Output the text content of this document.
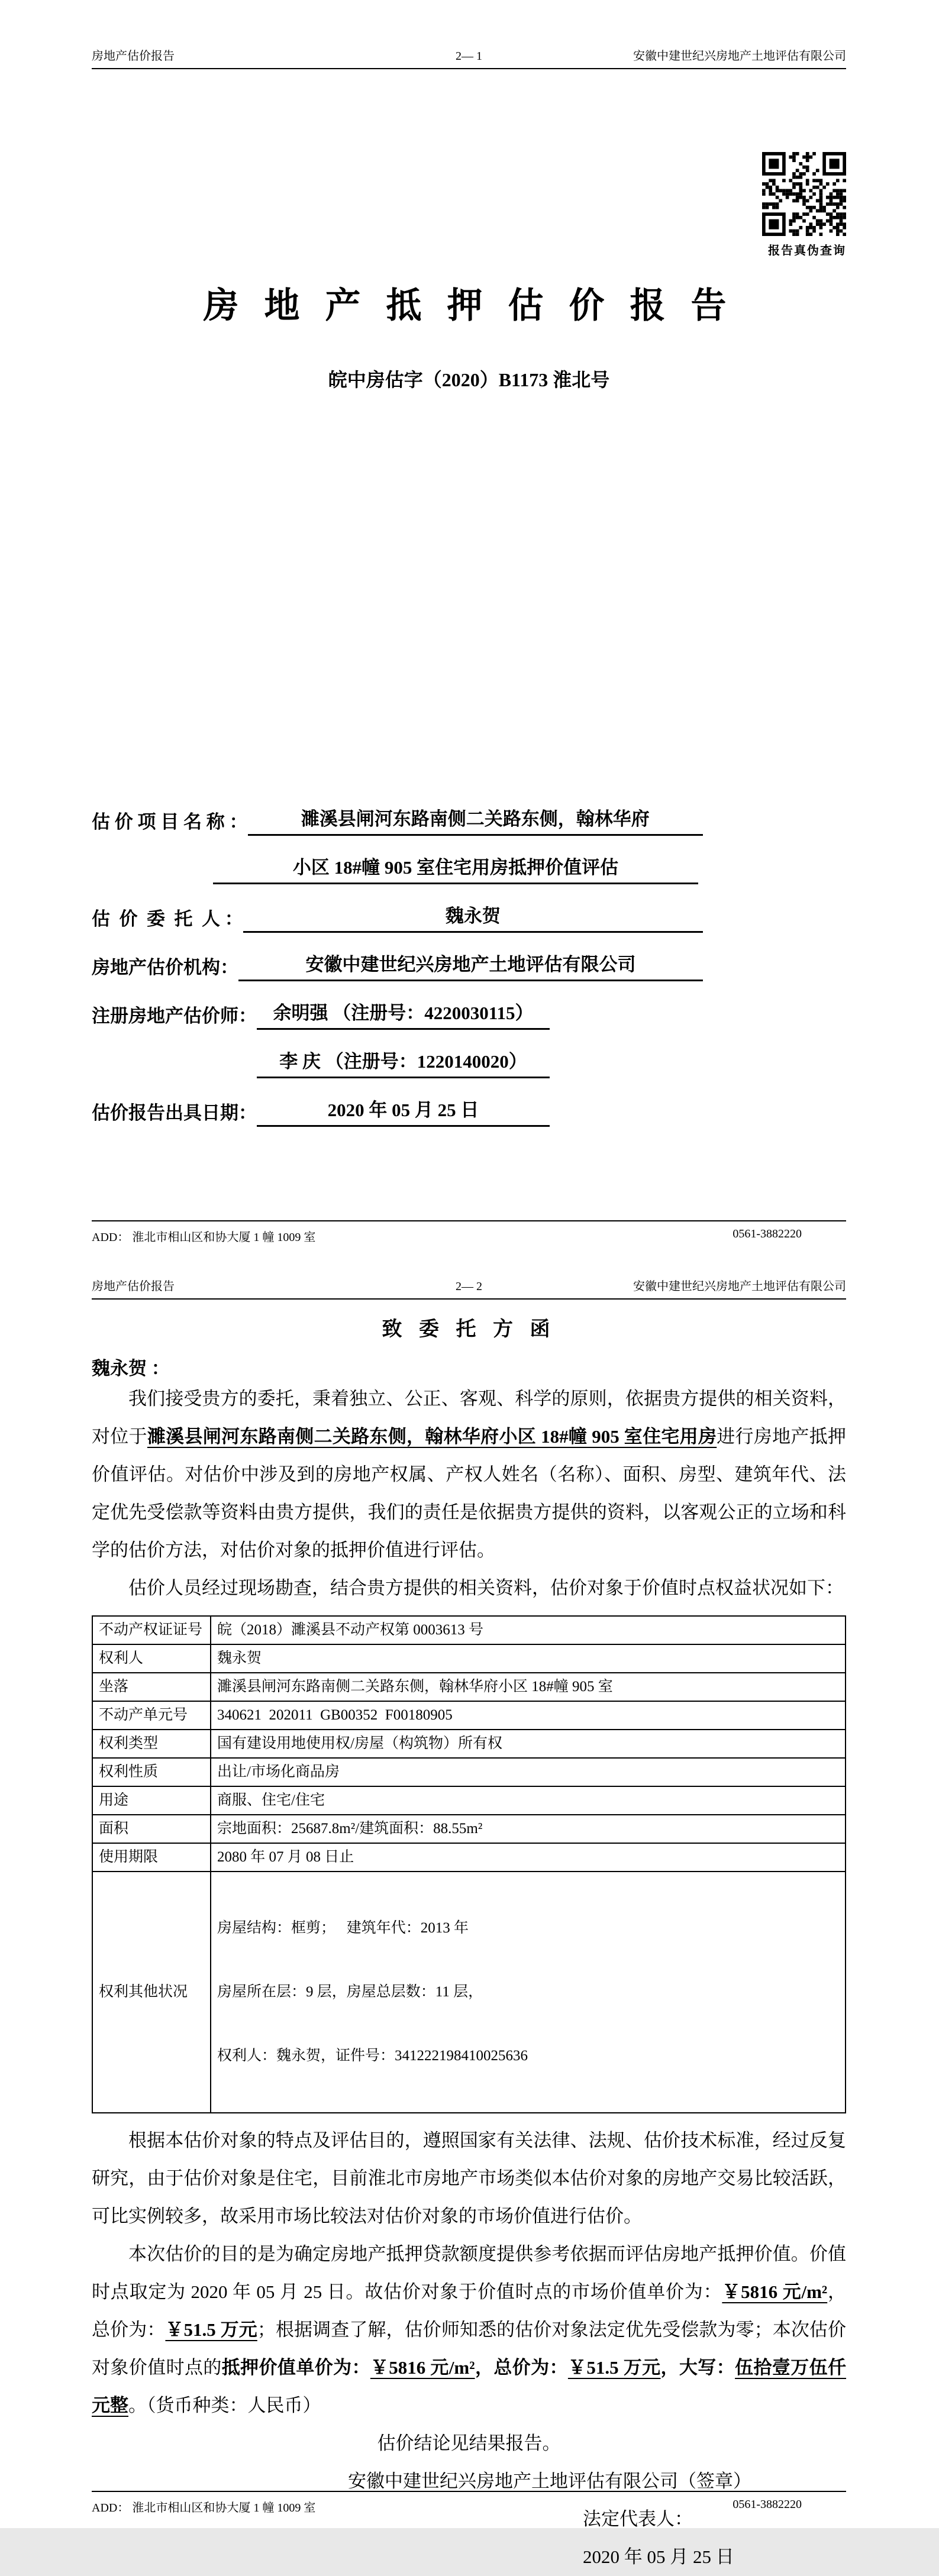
房地产估价报告	2— 1	安徽中建世纪兴房地产土地评估有限公司
报告真伪查询
房 地 产 抵 押 估 价 报 告
皖中房估字（2020）B1173 淮北号
估 价 项 目 名 称 ：	濉溪县闸河东路南侧二关路东侧，翰林华府
小区 18#幢 905 室住宅用房抵押价值评估
估  价  委  托  人 ：	魏永贺
房地产估价机构：	安徽中建世纪兴房地产土地评估有限公司
注册房地产估价师： 余明强 （注册号：4220030115）
李 庆 （注册号：1220140020）
估价报告出具日期：	2020 年 05 月 25 日
ADD： 淮北市相山区和协大厦 1 幢 1009 室	0561-3882220
房地产估价报告	2— 2	安徽中建世纪兴房地产土地评估有限公司
致 委 托 方 函
魏永贺 ：

我们接受贵方的委托，秉着独立、公正、客观、科学的原则，依据贵方提供的相关资料，对位于濉溪县闸河东路南侧二关路东侧，翰林华府小区 18#幢 905 室住宅用房进行房地产抵押价值评估。对估价中涉及到的房地产权属、产权人姓名（名称）、面积、房型、建筑年代、法定优先受偿款等资料由贵方提供，我们的责任是依据贵方提供的资料，以客观公正的立场和科学的估价方法，对估价对象的抵押价值进行评估。

估价人员经过现场勘查，结合贵方提供的相关资料，估价对象于价值时点权益状况如下：

不动产权证证号	皖（2018）濉溪县不动产权第 0003613 号
权利人	魏永贺
坐落	濉溪县闸河东路南侧二关路东侧，翰林华府小区 18#幢 905 室
不动产单元号	340621  202011  GB00352  F00180905
权利类型	国有建设用地使用权/房屋（构筑物）所有权
权利性质	出让/市场化商品房
用途	商服、住宅/住宅
面积	宗地面积：25687.8m²/建筑面积：88.55m²
使用期限	2080 年 07 月 08 日止
权利其他状况	房屋结构：框剪；   建筑年代：2013 年

房屋所在层：9 层，房屋总层数：11 层，

权利人：魏永贺，证件号：341222198410025636

根据本估价对象的特点及评估目的，遵照国家有关法律、法规、估价技术标准，经过反复研究，由于估价对象是住宅，目前淮北市房地产市场类似本估价对象的房地产交易比较活跃，可比实例较多，故采用市场比较法对估价对象的市场价值进行估价。

本次估价的目的是为确定房地产抵押贷款额度提供参考依据而评估房地产抵押价值。价值时点取定为 2020 年 05 月 25 日。故估价对象于价值时点的市场价值单价为：￥5816 元/m²，总价为：￥51.5 万元；根据调查了解，估价师知悉的估价对象法定优先受偿款为零；本次估价对象价值时点的抵押价值单价为：￥5816 元/m²，总价为：￥51.5 万元，大写：伍拾壹万伍仟元整。（货币种类：人民币）

估价结论见结果报告。
安徽中建世纪兴房地产土地评估有限公司（签章）
法定代表人：
2020 年 05 月 25 日
ADD： 淮北市相山区和协大厦 1 幢 1009 室	0561-3882220
